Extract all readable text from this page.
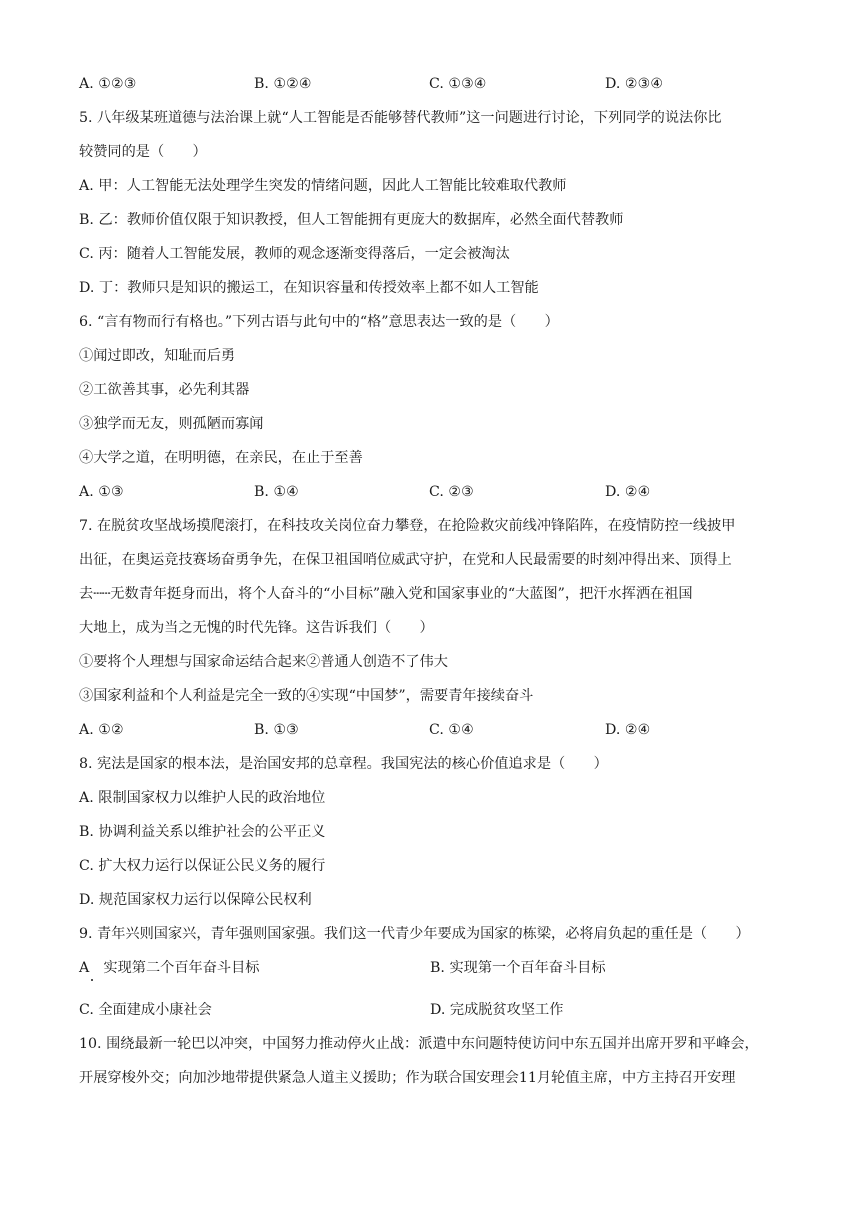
A. ①②③	B. ①②④	C. ①③④	D. ②③④
5. 八年级某班道德与法治课上就“人工智能是否能够替代教师”这一问题进行讨论，下列同学的说法你比
较赞同的是（　　）
A. 甲：人工智能无法处理学生突发的情绪问题，因此人工智能比较难取代教师
B. 乙：教师价值仅限于知识教授，但人工智能拥有更庞大的数据库，必然全面代替教师
C. 丙：随着人工智能发展，教师的观念逐渐变得落后，一定会被淘汰
D. 丁：教师只是知识的搬运工，在知识容量和传授效率上都不如人工智能
6. “言有物而行有格也。”下列古语与此句中的“格”意思表达一致的是（　　）
①闻过即改，知耻而后勇
②工欲善其事，必先利其器
③独学而无友，则孤陋而寡闻
④大学之道，在明明德，在亲民，在止于至善
A. ①③	B. ①④	C. ②③	D. ②④
7. 在脱贫攻坚战场摸爬滚打，在科技攻关岗位奋力攀登，在抢险救灾前线冲锋陷阵，在疫情防控一线披甲
出征，在奥运竞技赛场奋勇争先，在保卫祖国哨位威武守护，在党和人民最需要的时刻冲得出来、顶得上
去┄┄无数青年挺身而出，将个人奋斗的“小目标”融入党和国家事业的“大蓝图”，把汗水挥洒在祖国
大地上，成为当之无愧的时代先锋。这告诉我们（　　）
①要将个人理想与国家命运结合起来②普通人创造不了伟大
③国家利益和个人利益是完全一致的④实现“中国梦”，需要青年接续奋斗
A. ①②	B. ①③	C. ①④	D. ②④
8. 宪法是国家的根本法，是治国安邦的总章程。我国宪法的核心价值追求是（　　）
A. 限制国家权力以维护人民的政治地位
B. 协调利益关系以维护社会的公平正义
C. 扩大权力运行以保证公民义务的履行
D. 规范国家权力运行以保障公民权利
9. 青年兴则国家兴，青年强则国家强。我们这一代青少年要成为国家的栋梁，必将肩负起的重任是（　　）
A　实现第二个百年奋斗目标	B. 实现第一个百年奋斗目标
C. 全面建成小康社会	D. 完成脱贫攻坚工作
10. 围绕最新一轮巴以冲突，中国努力推动停火止战：派遣中东问题特使访问中东五国并出席开罗和平峰会，
开展穿梭外交；向加沙地带提供紧急人道主义援助；作为联合国安理会11月轮值主席，中方主持召开安理
